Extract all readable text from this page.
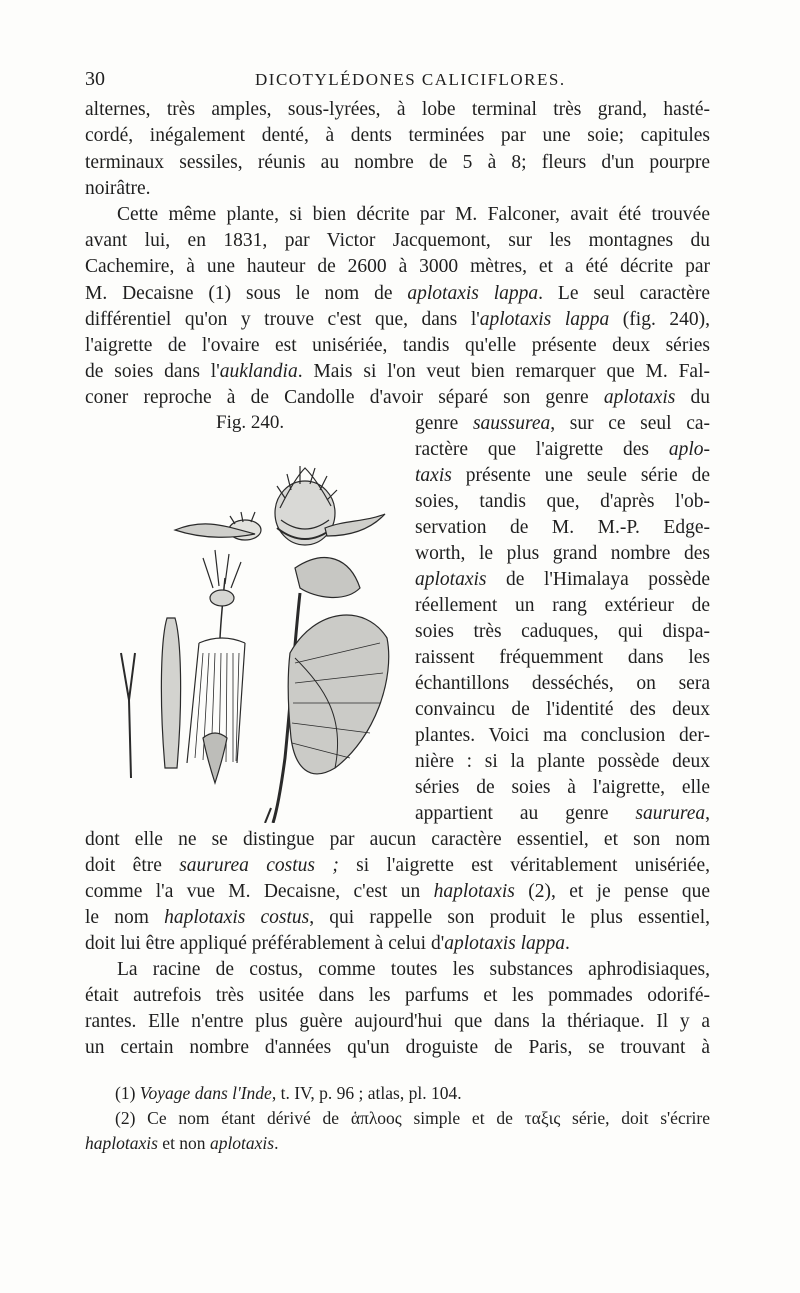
30	DICOTYLÉDONES CALICIFLORES.
alternes, très amples, sous-lyrées, à lobe terminal très grand, hasté-
cordé, inégalement denté, à dents terminées par une soie; capitules
terminaux sessiles, réunis au nombre de 5 à 8; fleurs d'un pourpre
noirâtre.
Cette même plante, si bien décrite par M. Falconer, avait été trouvée
avant lui, en 1831, par Victor Jacquemont, sur les montagnes du
Cachemire, à une hauteur de 2600 à 3000 mètres, et a été décrite par
M. Decaisne (1) sous le nom de aplotaxis lappa. Le seul caractère
différentiel qu'on y trouve c'est que, dans l'aplotaxis lappa (fig. 240),
l'aigrette de l'ovaire est unisériée, tandis qu'elle présente deux séries
de soies dans l'auklandia. Mais si l'on veut bien remarquer que M. Fal-
coner reproche à de Candolle d'avoir séparé son genre aplotaxis du
Fig. 240.	genre saussurea, sur ce seul ca-
ractère que l'aigrette des aplo-
taxis présente une seule série de
soies, tandis que, d'après l'ob-
servation de M. M.-P. Edge-
worth, le plus grand nombre des
aplotaxis de l'Himalaya possède
réellement un rang extérieur de
soies très caduques, qui dispa-
raissent fréquemment dans les
échantillons desséchés, on sera
convaincu de l'identité des deux
plantes. Voici ma conclusion der-
nière : si la plante possède deux
séries de soies à l'aigrette, elle
appartient au genre saururea,
dont elle ne se distingue par aucun caractère essentiel, et son nom
doit être saururea costus ; si l'aigrette est véritablement unisériée,
comme l'a vue M. Decaisne, c'est un haplotaxis (2), et je pense que
le nom haplotaxis costus, qui rappelle son produit le plus essentiel,
doit lui être appliqué préférablement à celui d'aplotaxis lappa.
La racine de costus, comme toutes les substances aphrodisiaques,
était autrefois très usitée dans les parfums et les pommades odorifé-
rantes. Elle n'entre plus guère aujourd'hui que dans la thériaque. Il y a
un certain nombre d'années qu'un droguiste de Paris, se trouvant à
(1) Voyage dans l'Inde, t. IV, p. 96 ; atlas, pl. 104.
(2) Ce nom étant dérivé de ἁπλοος simple et de ταξις série, doit s'écrire
haplotaxis et non aplotaxis.
